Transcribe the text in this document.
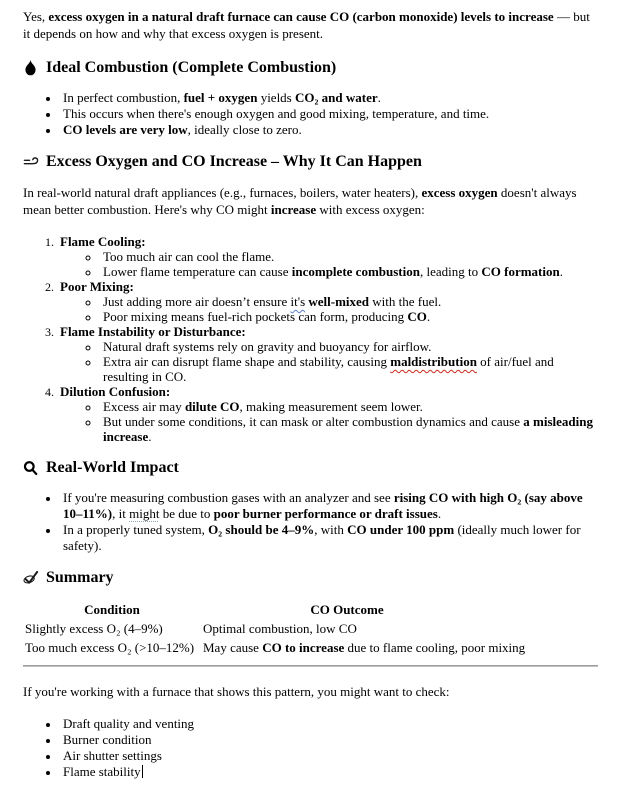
Yes, excess oxygen in a natural draft furnace can cause CO (carbon monoxide) levels to increase — but it depends on how and why that excess oxygen is present.

Ideal Combustion (Complete Combustion)
• In perfect combustion, fuel + oxygen yields CO₂ and water.
• This occurs when there's enough oxygen and good mixing, temperature, and time.
• CO levels are very low, ideally close to zero.
Excess Oxygen and CO Increase – Why It Can Happen

In real-world natural draft appliances (e.g., furnaces, boilers, water heaters), excess oxygen doesn't always mean better combustion. Here's why CO might increase with excess oxygen:

1. Flame Cooling:
◦ Too much air can cool the flame.
◦ Lower flame temperature can cause incomplete combustion, leading to CO formation.
2. Poor Mixing:
◦ Just adding more air doesn’t ensure it's well-mixed with the fuel.
◦ Poor mixing means fuel-rich pockets can form, producing CO.
3. Flame Instability or Disturbance:
◦ Natural draft systems rely on gravity and buoyancy for airflow.
◦ Extra air can disrupt flame shape and stability, causing maldistribution of air/fuel and resulting in CO.
4. Dilution Confusion:
◦ Excess air may dilute CO, making measurement seem lower.
◦ But under some conditions, it can mask or alter combustion dynamics and cause a misleading increase.
Real-World Impact
• If you're measuring combustion gases with an analyzer and see rising CO with high O₂ (say above 10–11%), it might be due to poor burner performance or draft issues.
• In a properly tuned system, O₂ should be 4–9%, with CO under 100 ppm (ideally much lower for safety).
Summary
Condition	CO Outcome
Slightly excess O₂ (4–9%)	Optimal combustion, low CO
Too much excess O₂ (>10–12%)	May cause CO to increase due to flame cooling, poor mixing

If you're working with a furnace that shows this pattern, you might want to check:

• Draft quality and venting
• Burner condition
• Air shutter settings
• Flame stability
